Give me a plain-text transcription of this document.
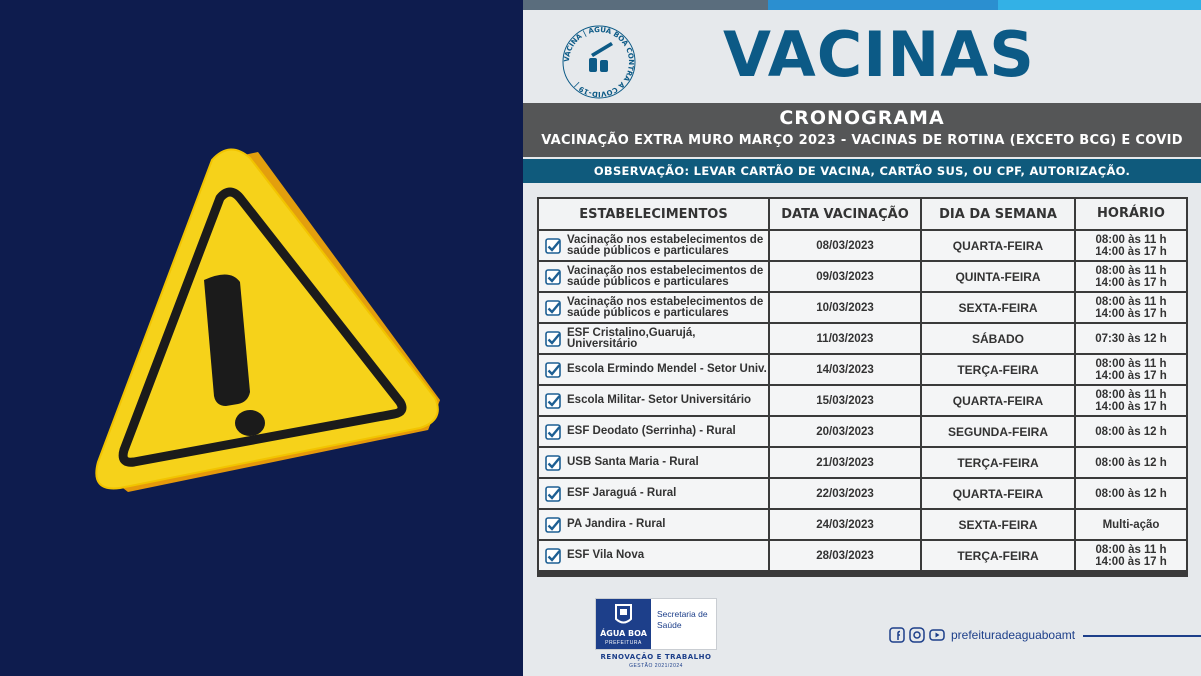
VACINA | ÁGUA BOA CONTRA A COVID-19 |	VACINAS
CRONOGRAMA
VACINAÇÃO EXTRA MURO MARÇO 2023 - VACINAS DE ROTINA (EXCETO BCG) E COVID
OBSERVAÇÃO: LEVAR CARTÃO DE VACINA, CARTÃO SUS, OU CPF, AUTORIZAÇÃO.
ESTABELECIMENTOS	DATA VACINAÇÃO	DIA DA SEMANA	HORÁRIO
Vacinação nos estabelecimentos de saúde públicos e particulares	08/03/2023	QUARTA-FEIRA	08:00 às 11 h
14:00 às 17 h
Vacinação nos estabelecimentos de saúde públicos e particulares	09/03/2023	QUINTA-FEIRA	08:00 às 11 h
14:00 às 17 h
Vacinação nos estabelecimentos de saúde públicos e particulares	10/03/2023	SEXTA-FEIRA	08:00 às 11 h
14:00 às 17 h
ESF Cristalino,Guarujá, Universitário	11/03/2023	SÁBADO	07:30 às 12 h
Escola Ermindo Mendel - Setor Univ.	14/03/2023	TERÇA-FEIRA	08:00 às 11 h
14:00 às 17 h
Escola Militar- Setor Universitário	15/03/2023	QUARTA-FEIRA	08:00 às 11 h
14:00 às 17 h
ESF Deodato (Serrinha) - Rural	20/03/2023	SEGUNDA-FEIRA	08:00 às 12 h
USB Santa Maria - Rural	21/03/2023	TERÇA-FEIRA	08:00 às 12 h
ESF Jaraguá - Rural	22/03/2023	QUARTA-FEIRA	08:00 às 12 h
PA Jandira - Rural	24/03/2023	SEXTA-FEIRA	Multi-ação
ESF Vila Nova	28/03/2023	TERÇA-FEIRA	08:00 às 11 h
14:00 às 17 h
ÁGUA BOA
PREFEITURA
Secretaria de Saúde
RENOVAÇÃO E TRABALHO
GESTÃO 2021/2024
prefeituradeaguaboamt
